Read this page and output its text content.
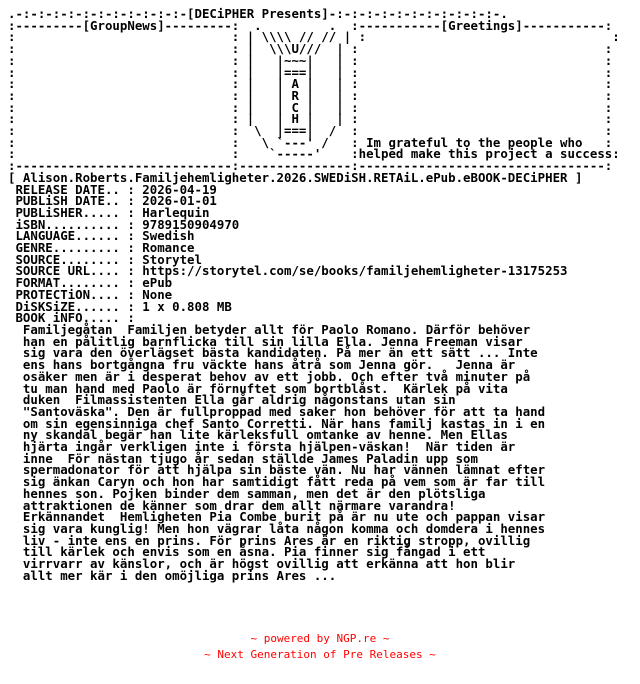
.-:-:-:-:-:-:-:-:-:-:-:-[DECiPHER Presents]-:-:-:-:-:-:-:-:-:-:-:-.
:---------[GroupNews]---------:  .         .  :-----------[Greetings]-----------:
:                             : | \\\\ // // | :                                 :
:                             : |  \\\U///  | :                                 :
:                             : |   |~~~|   | :                                 :
:                             : |   |===|   | :                                 :
:                             : |   | A |   | :                                 :
:                             : |   | R |   | :                                 :
:                             : |   | C |   | :                                 :
:                             : |   | H |   | :                                 :
:                             :  \  |===|  /  :                                 :
:                             :   \ `---' /   : Im grateful to the people who   :
:                             :    `-----'    :helped make this project a success:
:-----------------------------:---------------:---------------------------------:
[ Alison.Roberts.Familjehemligheter.2026.SWEDiSH.RETAiL.ePub.eBOOK-DECiPHER ]
RELEASE DATE.. : 2026-04-19
PUBLiSH DATE.. : 2026-01-01
PUBLiSHER..... : Harlequin
iSBN.......... : 9789150904970
LANGUAGE...... : Swedish
GENRE......... : Romance
SOURCE........ : Storytel
SOURCE URL.... : https://storytel.com/se/books/familjehemligheter-13175253
FORMAT........ : ePub
PROTECTiON.... : None
DiSKSiZE...... : 1 x 0.808 MB
BOOK iNFO..... :
Familjegåtan  Familjen betyder allt för Paolo Romano. Därför behöver
han en pålitlig barnflicka till sin lilla Ella. Jenna Freeman visar
sig vara den överlägset bästa kandidaten. På mer än ett sätt ... Inte
ens hans bortgångna fru väckte hans åtrå som Jenna gör.   Jenna är
osäker men är i desperat behov av ett jobb. Och efter två minuter på
tu man hand med Paolo är förnuftet som bortblåst.  Kärlek på vita
duken  Filmassistenten Ella går aldrig någonstans utan sin
"Santoväska". Den är fullproppad med saker hon behöver för att ta hand
om sin egensinniga chef Santo Corretti. När hans familj kastas in i en
ny skandal begär han lite kärleksfull omtanke av henne. Men Ellas
hjärta ingår verkligen inte i första hjälpen-väskan!  När tiden är
inne  För nästan tjugo år sedan ställde James Paladin upp som
spermadonator för att hjälpa sin bäste vän. Nu har vännen lämnat efter
sig änkan Caryn och hon har samtidigt fått reda på vem som är far till
hennes son. Pojken binder dem samman, men det är den plötsliga
attraktionen de känner som drar dem allt närmare varandra!
Erkännandet  Hemligheten Pia Combe burit på är nu ute och pappan visar
sig vara kunglig! Men hon vägrar låta någon komma och domdera i hennes
liv - inte ens en prins. För prins Ares är en riktig stropp, ovillig
till kärlek och envis som en åsna. Pia finner sig fångad i ett
virrvarr av känslor, och är högst ovillig att erkänna att hon blir
allt mer kär i den omöjliga prins Ares ...
~ powered by NGP.re ~
~ Next Generation of Pre Releases ~
